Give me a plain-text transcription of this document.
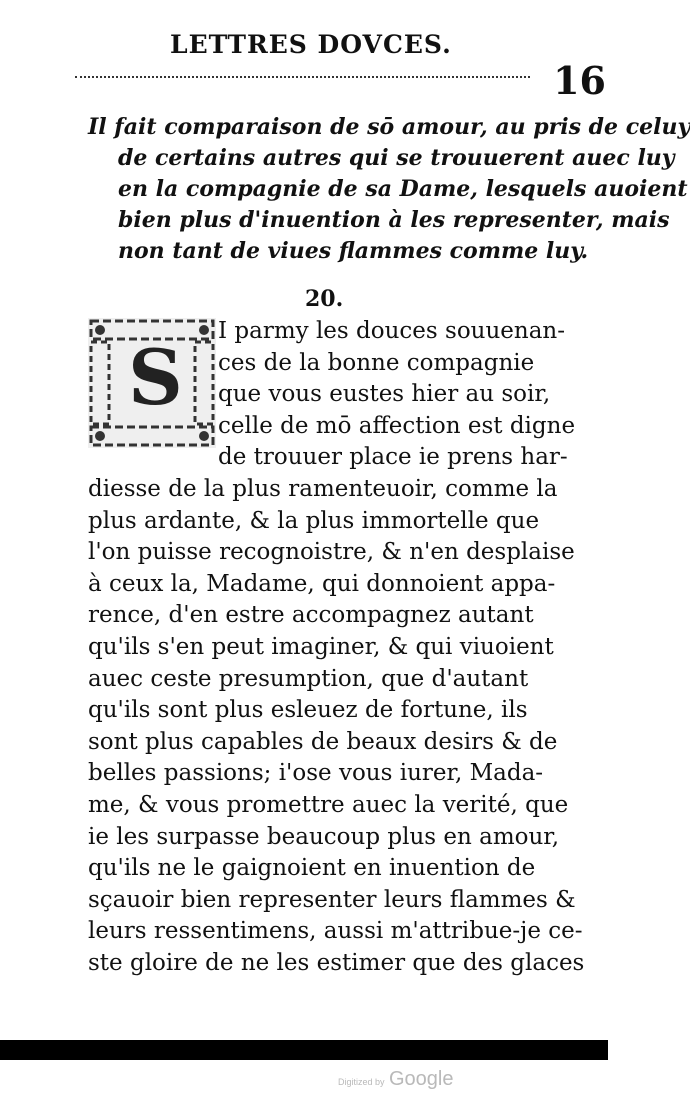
LETTRES DOVCES.
16
Il fait comparaison de sō amour, au pris de celuy
de certains autres qui se trouuerent auec luy
en la compagnie de sa Dame, lesquels auoient
bien plus d'inuention à les representer, mais
non tant de viues flammes comme luy.
20.
S
I parmy les douces souuenan-
ces de la bonne compagnie
que vous eustes hier au soir,
celle de mō affection est digne
de trouuer place ie prens har-
diesse de la plus ramenteuoir, comme la
plus ardante, & la plus immortelle que
l'on puisse recognoistre, & n'en desplaise
à ceux la, Madame, qui donnoient appa-
rence, d'en estre accompagnez autant
qu'ils s'en peut imaginer, & qui viuoient
auec ceste presumption, que d'autant
qu'ils sont plus esleuez de fortune, ils
sont plus capables de beaux desirs & de
belles passions; i'ose vous iurer, Mada-
me, & vous promettre auec la verité, que
ie les surpasse beaucoup plus en amour,
qu'ils ne le gaignoient en inuention de
sçauoir bien representer leurs flammes &
leurs ressentimens, aussi m'attribue-je ce-
ste gloire de ne les estimer que des glaces
Digitized by Google
